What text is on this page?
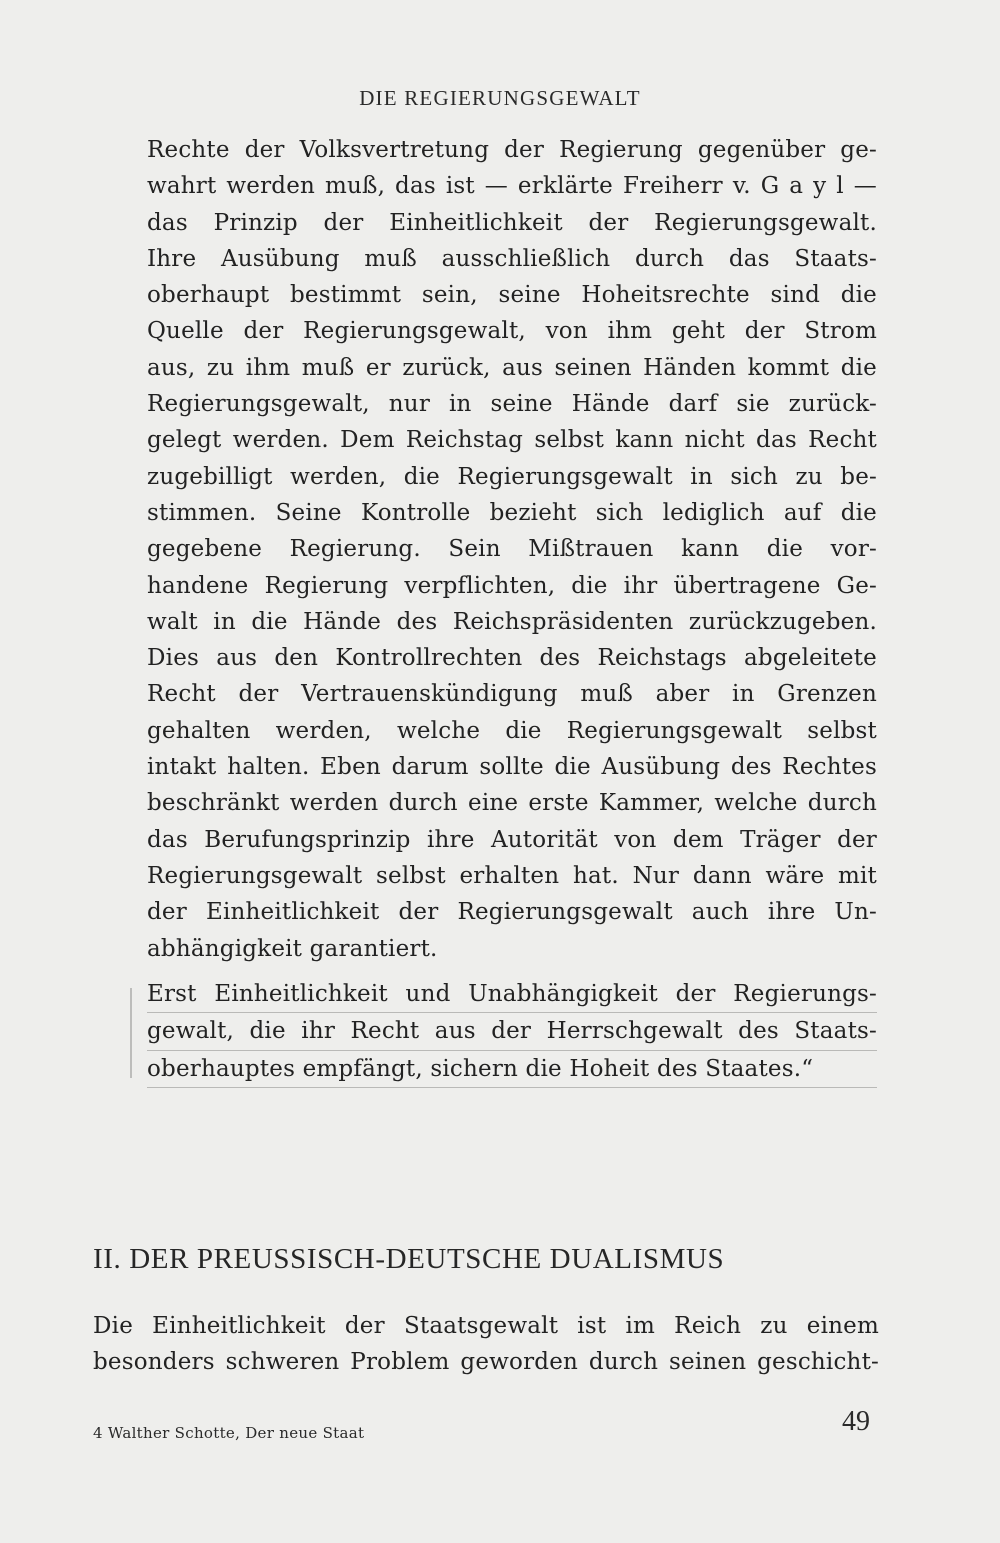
DIE REGIERUNGSGEWALT
Rechte der Volksvertretung der Regierung gegenüber ge-
wahrt werden muß, das ist — erklärte Freiherr v. G a y l —
das Prinzip der Einheitlichkeit der Regierungsgewalt.
Ihre Ausübung muß ausschließlich durch das Staats-
oberhaupt bestimmt sein, seine Hoheitsrechte sind die
Quelle der Regierungsgewalt, von ihm geht der Strom
aus, zu ihm muß er zurück, aus seinen Händen kommt die
Regierungsgewalt, nur in seine Hände darf sie zurück-
gelegt werden. Dem Reichstag selbst kann nicht das Recht
zugebilligt werden, die Regierungsgewalt in sich zu be-
stimmen. Seine Kontrolle bezieht sich lediglich auf die
gegebene Regierung. Sein Mißtrauen kann die vor-
handene Regierung verpflichten, die ihr übertragene Ge-
walt in die Hände des Reichspräsidenten zurückzugeben.
Dies aus den Kontrollrechten des Reichstags abgeleitete
Recht der Vertrauenskündigung muß aber in Grenzen
gehalten werden, welche die Regierungsgewalt selbst
intakt halten. Eben darum sollte die Ausübung des Rechtes
beschränkt werden durch eine erste Kammer, welche durch
das Berufungsprinzip ihre Autorität von dem Träger der
Regierungsgewalt selbst erhalten hat. Nur dann wäre mit
der Einheitlichkeit der Regierungsgewalt auch ihre Un-
abhängigkeit garantiert.
Erst Einheitlichkeit und Unabhängigkeit der Regierungs-
gewalt, die ihr Recht aus der Herrschgewalt des Staats-
oberhauptes empfängt, sichern die Hoheit des Staates.“
II. DER PREUSSISCH-DEUTSCHE DUALISMUS
Die Einheitlichkeit der Staatsgewalt ist im Reich zu einem
besonders schweren Problem geworden durch seinen geschicht-
4 Walther Schotte, Der neue Staat	49
